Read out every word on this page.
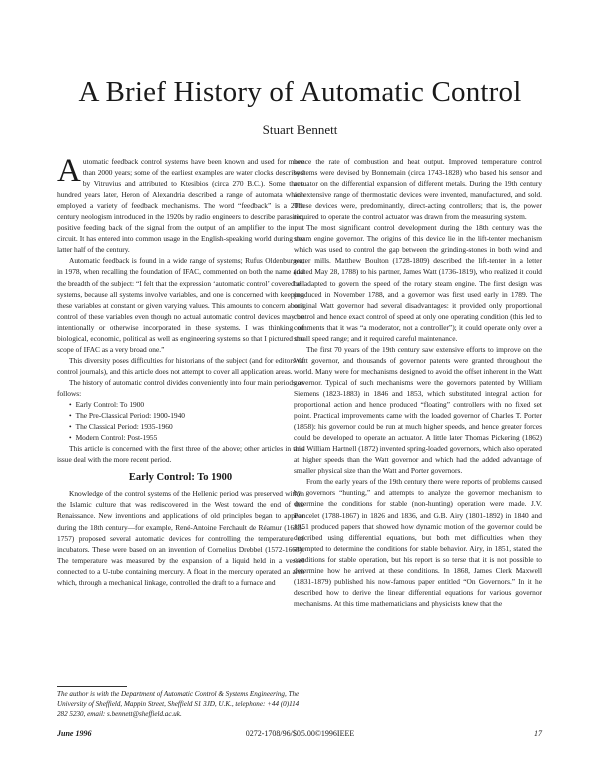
A Brief History of Automatic Control
Stuart Bennett

Automatic feedback control systems have been known and used for more than 2000 years; some of the earliest examples are water clocks described by Vitruvius and attributed to Ktesibios (circa 270 B.C.). Some three hundred years later, Heron of Alexandria described a range of automata which employed a variety of feedback mechanisms. The word “feedback” is a 20th century neologism introduced in the 1920s by radio engineers to describe parasitic, positive feeding back of the signal from the output of an amplifier to the input circuit. It has entered into common usage in the English-speaking world during the latter half of the century.

Automatic feedback is found in a wide range of systems; Rufus Oldenburger, in 1978, when recalling the foundation of IFAC, commented on both the name and the breadth of the subject: “I felt that the expression ‘automatic control’ covered all systems, because all systems involve variables, and one is concerned with keeping these variables at constant or given varying values. This amounts to concern about control of these variables even though no actual automatic control devices may be intentionally or otherwise incorporated in these systems. I was thinking of biological, economic, political as well as engineering systems so that I pictured the scope of IFAC as a very broad one.”

This diversity poses difficulties for historians of the subject (and for editors of control journals), and this article does not attempt to cover all application areas.

The history of automatic control divides conveniently into four main periods as follows:

• Early Control: To 1900
• The Pre-Classical Period: 1900-1940
• The Classical Period: 1935-1960
• Modern Control: Post-1955

This article is concerned with the first three of the above; other articles in this issue deal with the more recent period.

Early Control: To 1900

Knowledge of the control systems of the Hellenic period was preserved within the Islamic culture that was rediscovered in the West toward the end of the Renaissance. New inventions and applications of old principles began to appear during the 18th century—for example, René-Antoine Ferchault de Réamur (1683-1757) proposed several automatic devices for controlling the temperature of incubators. These were based on an invention of Cornelius Drebbel (1572-1663). The temperature was measured by the expansion of a liquid held in a vessel connected to a U-tube containing mercury. A float in the mercury operated an arm which, through a mechanical linkage, controlled the draft to a furnace and

hence the rate of combustion and heat output. Improved temperature control systems were devised by Bonnemain (circa 1743-1828) who based his sensor and actuator on the differential expansion of different metals. During the 19th century an extensive range of thermostatic devices were invented, manufactured, and sold. These devices were, predominantly, direct-acting controllers; that is, the power required to operate the control actuator was drawn from the measuring system.

The most significant control development during the 18th century was the steam engine governor. The origins of this device lie in the lift-tenter mechanism which was used to control the gap between the grinding-stones in both wind and water mills. Matthew Boulton (1728-1809) described the lift-tenter in a letter (dated May 28, 1788) to his partner, James Watt (1736-1819), who realized it could be adapted to govern the speed of the rotary steam engine. The first design was produced in November 1788, and a governor was first used early in 1789. The original Watt governor had several disadvantages: it provided only proportional control and hence exact control of speed at only one operating condition (this led to comments that it was “a moderator, not a controller”); it could operate only over a small speed range; and it required careful maintenance.

The first 70 years of the 19th century saw extensive efforts to improve on the Watt governor, and thousands of governor patents were granted throughout the world. Many were for mechanisms designed to avoid the offset inherent in the Watt governor. Typical of such mechanisms were the governors patented by William Siemens (1823-1883) in 1846 and 1853, which substituted integral action for proportional action and hence produced “floating” controllers with no fixed set point. Practical improvements came with the loaded governor of Charles T. Porter (1858): his governor could be run at much higher speeds, and hence greater forces could be developed to operate an actuator. A little later Thomas Pickering (1862) and William Hartnell (1872) invented spring-loaded governors, which also operated at higher speeds than the Watt governor and which had the added advantage of smaller physical size than the Watt and Porter governors.

From the early years of the 19th century there were reports of problems caused by governors “hunting,” and attempts to analyze the governor mechanism to determine the conditions for stable (non-hunting) operation were made. J.V. Poncelet (1788-1867) in 1826 and 1836, and G.B. Airy (1801-1892) in 1840 and 1851 produced papers that showed how dynamic motion of the governor could be described using differential equations, but both met difficulties when they attempted to determine the conditions for stable behavior. Airy, in 1851, stated the conditions for stable operation, but his report is so terse that it is not possible to determine how he arrived at these conditions. In 1868, James Clerk Maxwell (1831-1879) published his now-famous paper entitled “On Governors.” In it he described how to derive the linear differential equations for various governor mechanisms. At this time mathematicians and physicists knew that the

The author is with the Department of Automatic Control & Systems Engineering, The University of Sheffield, Mappin Street, Sheffield S1 3JD, U.K., telephone: +44 (0)114 282 5230, email: s.bennett@sheffield.ac.uk.
June 1996	0272-1708/96/$05.00©1996IEEE	17
